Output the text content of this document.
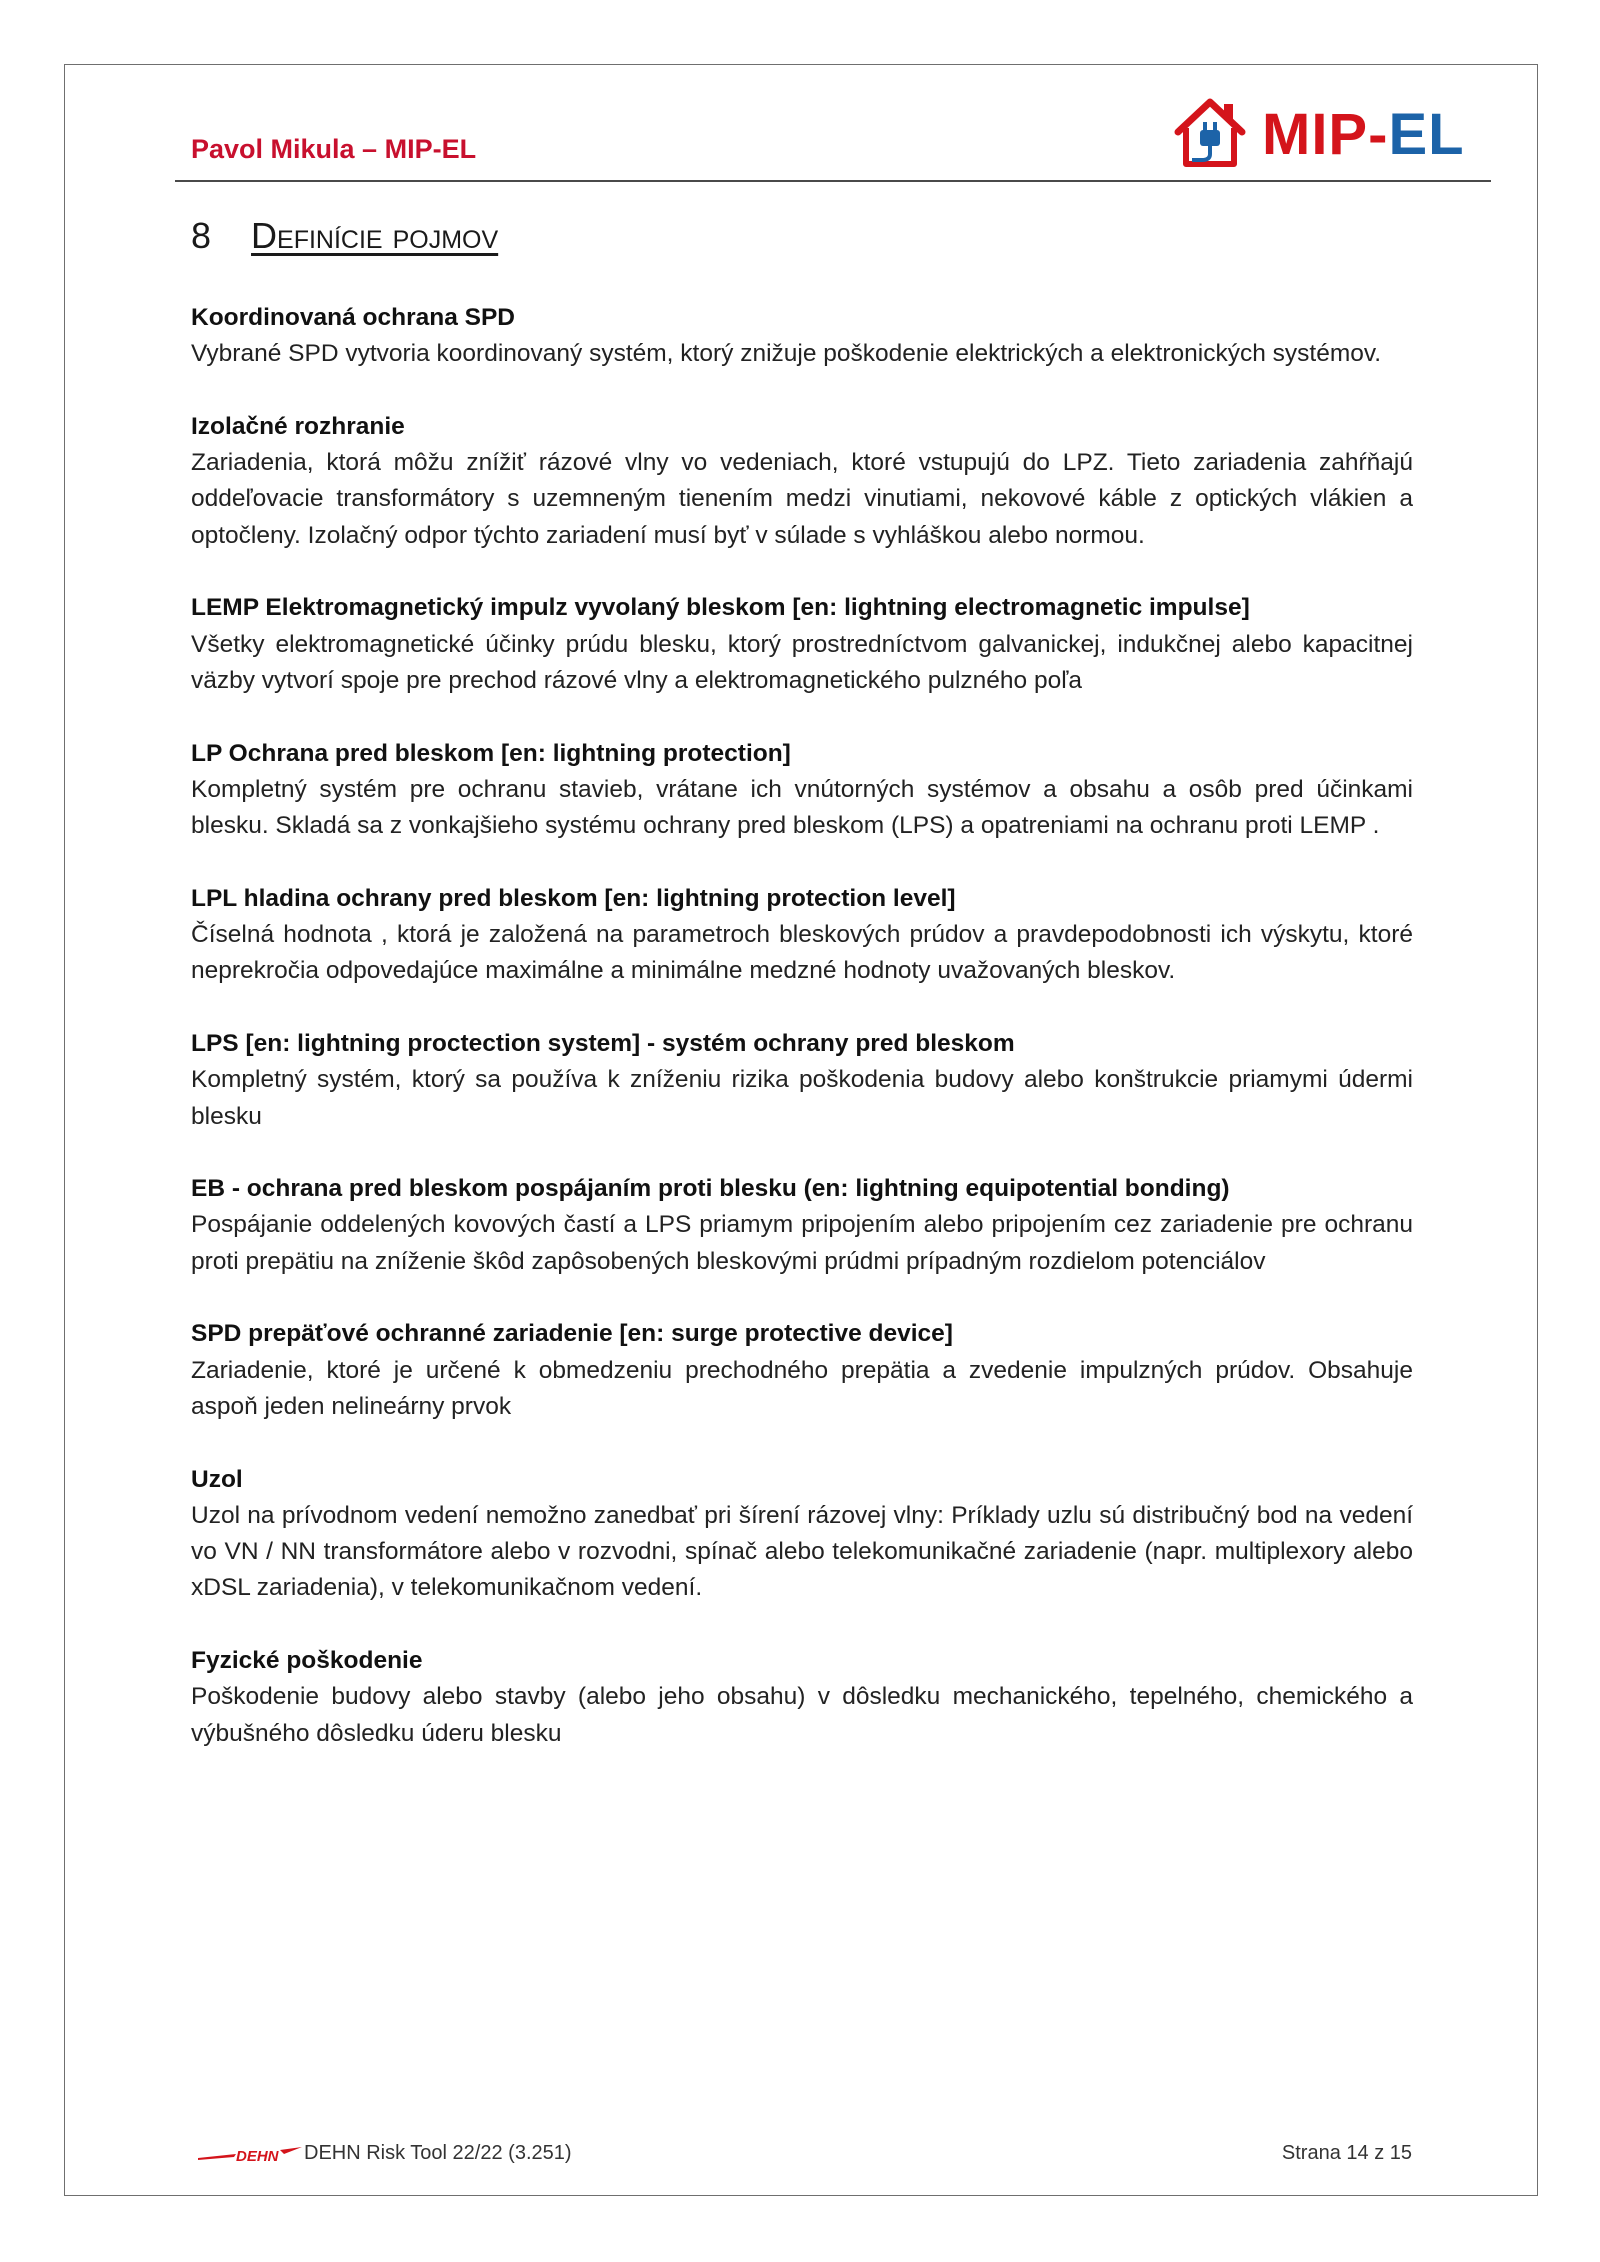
Pavol Mikula – MIP-EL	MIP-EL
8 Definície pojmov
Koordinovaná ochrana SPD
Vybrané SPD vytvoria koordinovaný systém, ktorý znižuje poškodenie elektrických a elektronických systémov.
Izolačné rozhranie
Zariadenia, ktorá môžu znížiť rázové vlny vo vedeniach, ktoré vstupujú do LPZ. Tieto zariadenia zahŕňajú oddeľovacie transformátory s uzemneným tienením medzi vinutiami, nekovové káble z optických vlákien a optočleny. Izolačný odpor týchto zariadení musí byť v súlade s vyhláškou alebo normou.
LEMP Elektromagnetický impulz vyvolaný bleskom [en: lightning electromagnetic impulse]
Všetky elektromagnetické účinky prúdu blesku, ktorý prostredníctvom galvanickej, indukčnej alebo kapacitnej väzby vytvorí spoje pre prechod rázové vlny a elektromagnetického pulzného poľa
LP Ochrana pred bleskom [en: lightning protection]
Kompletný systém pre ochranu stavieb, vrátane ich vnútorných systémov a obsahu a osôb pred účinkami blesku. Skladá sa z vonkajšieho systému ochrany pred bleskom (LPS) a opatreniami na ochranu proti LEMP .
LPL hladina ochrany pred bleskom [en: lightning protection level]
Číselná hodnota , ktorá je založená na parametroch bleskových prúdov a pravdepodobnosti ich výskytu, ktoré neprekročia odpovedajúce maximálne a minimálne medzné hodnoty uvažovaných bleskov.
LPS [en: lightning proctection system] - systém ochrany pred bleskom
Kompletný systém, ktorý sa používa k zníženiu rizika poškodenia budovy alebo konštrukcie priamymi údermi blesku
EB - ochrana pred bleskom pospájaním proti blesku (en: lightning equipotential bonding)
Pospájanie oddelených kovových častí a LPS priamym pripojením alebo pripojením cez zariadenie pre ochranu proti prepätiu na zníženie škôd zapôsobených bleskovými prúdmi prípadným rozdielom potenciálov
SPD prepäťové ochranné zariadenie [en: surge protective device]
Zariadenie, ktoré je určené k obmedzeniu prechodného prepätia a zvedenie impulzných prúdov. Obsahuje aspoň jeden nelineárny prvok
Uzol
Uzol na prívodnom vedení nemožno zanedbať pri šírení rázovej vlny: Príklady uzlu sú distribučný bod na vedení vo VN / NN transformátore alebo v rozvodni, spínač alebo telekomunikačné zariadenie (napr. multiplexory alebo xDSL zariadenia), v telekomunikačnom vedení.
Fyzické poškodenie
Poškodenie budovy alebo stavby (alebo jeho obsahu) v dôsledku mechanického, tepelného, chemického a výbušného dôsledku úderu blesku
DEHN DEHN Risk Tool 22/22 (3.251)	Strana 14 z 15
